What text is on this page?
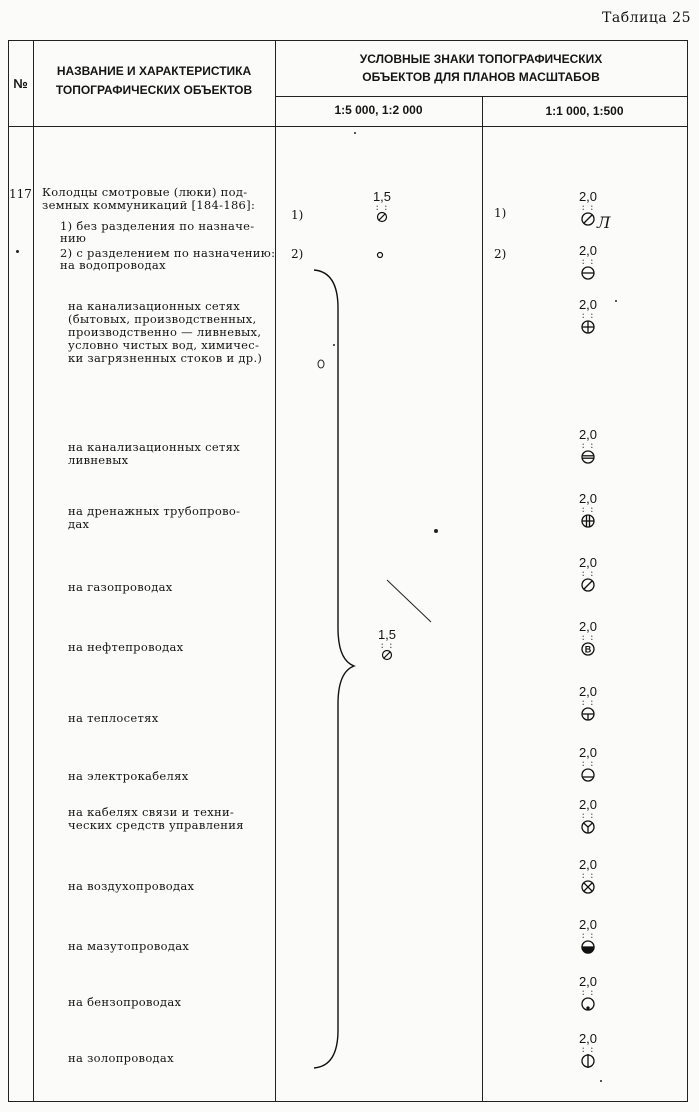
Таблица 25
№
НАЗВАНИЕ И ХАРАКТЕРИСТИКА
ТОПОГРАФИЧЕСКИХ ОБЪЕКТОВ
УСЛОВНЫЕ ЗНАКИ ТОПОГРАФИЧЕСКИХ
ОБЪЕКТОВ ДЛЯ ПЛАНОВ МАСШТАБОВ
1:5 000, 1:2 000	1:1 000, 1:500
117 Колодцы смотровые (люки) под-
земных коммуникаций [184-186]:
1) без разделения по назначе-
нию
2) с разделением по назначению:
на водопроводах
1)
2)
1)
2)
1,5
: :
1,5
: :
2,0
: :
Л
2,0
: :
на канализационных сетях
(бытовых, производственных,
производственно — ливневых,
условно чистых вод, химичес-
ки загрязненных стоков и др.)
2,0
: :
на канализационных сетях
ливневых
2,0
: :
на дренажных трубопрово-
дах
2,0
: :
на газопроводах
2,0
: :
на нефтепроводах
2,0
: :
B
на теплосетях
2,0
: :
на электрокабелях
2,0
: :
на кабелях связи и техни-
ческих средств управления
2,0
: :
на воздухопроводах
2,0
: :
на мазутопроводах
2,0
: :
на бензопроводах
2,0
: :
на золопроводах
2,0
: :
